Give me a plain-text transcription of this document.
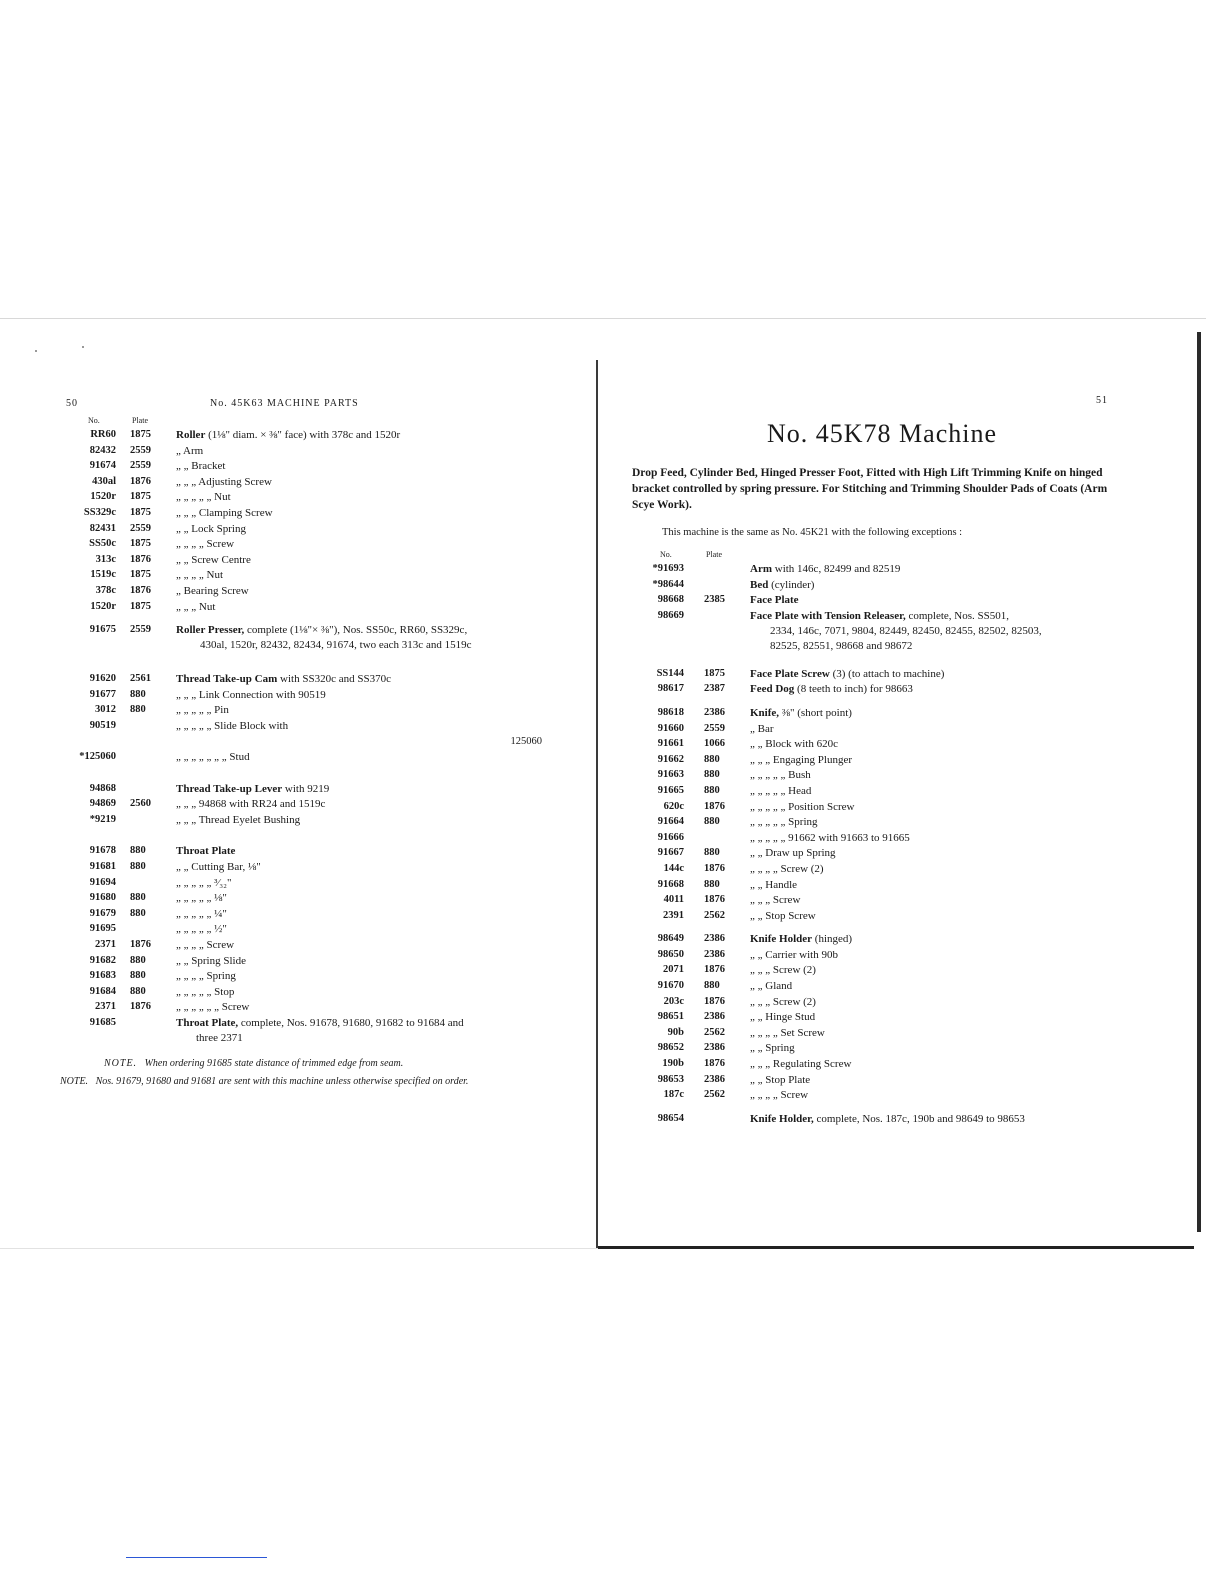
50	No. 45K63 MACHINE PARTS
No.	Plate
RR60 1875 Roller (1⅛" diam. × ⅜" face) with 378c and 1520r
82432 2559 „ Arm
91674 2559 „ „ Bracket
430al 1876 „ „ „ Adjusting Screw
1520r 1875 „ „ „ „ „ Nut
SS329c 1875 „ „ „ Clamping Screw
82431 2559 „ „ Lock Spring
SS50c 1875 „ „ „ „ Screw
313c 1876 „ „ Screw Centre
1519c 1875 „ „ „ „ Nut
378c 1876 „ Bearing Screw
1520r 1875 „ „ „ Nut
91675 2559 Roller Presser, complete (1⅛"× ⅜"), Nos. SS50c, RR60, SS329c,
430al, 1520r, 82432, 82434, 91674, two each 313c and 1519c
91620 2561 Thread Take-up Cam with SS320c and SS370c
91677 880	„ „ „ Link Connection with 90519
3012 880	„ „ „ „ „ Pin
90519	„ „ „ „ „ Slide Block with
125060
*125060	„ „ „ „ „ „ „ Stud
94868	Thread Take-up Lever with 9219
94869 2560 „ „ „ 94868 with RR24 and 1519c
*9219	„ „ „ Thread Eyelet Bushing
91678 880	Throat Plate
91681 880	„ „ Cutting Bar, ⅛"
91694	„ „ „ „ „ ³⁄₃₂"
91680 880	„ „ „ „ „ ⅛"
91679 880	„ „ „ „ „ ¼"
91695	„ „ „ „ „ ½"
2371 1876 „ „ „ „ Screw
91682 880	„ „ Spring Slide
91683 880	„ „ „ „ Spring
91684 880	„ „ „ „ „ Stop
2371 1876 „ „ „ „ „ „ Screw
91685	Throat Plate, complete, Nos. 91678, 91680, 91682 to 91684 and
three 2371
NOTE. When ordering 91685 state distance of trimmed edge from seam.
NOTE. Nos. 91679, 91680 and 91681 are sent with this machine unless otherwise specified on order.
51
No. 45K78 Machine
Drop Feed, Cylinder Bed, Hinged Presser Foot, Fitted with High Lift Trimming Knife on hinged bracket controlled by spring pressure. For Stitching and Trimming Shoulder Pads of Coats (Arm Scye Work).
This machine is the same as No. 45K21 with the following exceptions :
No.	Plate
*91693	Arm with 146c, 82499 and 82519
*98644	Bed (cylinder)
98668 2385 Face Plate
98669	Face Plate with Tension Releaser, complete, Nos. SS501,
2334, 146c, 7071, 9804, 82449, 82450, 82455, 82502, 82503,
82525, 82551, 98668 and 98672
SS144 1875 Face Plate Screw (3) (to attach to machine)
98617 2387 Feed Dog (8 teeth to inch) for 98663
98618 2386 Knife, ⅜" (short point)
91660 2559 „ Bar
91661 1066 „ „ Block with 620c
91662 880	„ „ „ Engaging Plunger
91663 880	„ „ „ „ „ Bush
91665 880	„ „ „ „ „ Head
620c 1876 „ „ „ „ „ Position Screw
91664 880	„ „ „ „ „ Spring
91666	„ „ „ „ „ 91662 with 91663 to 91665
91667 880	„ „ Draw up Spring
144c 1876 „ „ „ „ Screw (2)
91668 880	„ „ Handle
4011 1876 „ „ „ Screw
2391 2562 „ „ Stop Screw
98649 2386 Knife Holder (hinged)
98650 2386 „ „ Carrier with 90b
2071 1876 „ „ „ Screw (2)
91670 880	„ „ Gland
203c 1876 „ „ „ Screw (2)
98651 2386 „ „ Hinge Stud
90b 2562 „ „ „ „ Set Screw
98652 2386 „ „ Spring
190b 1876 „ „ „ Regulating Screw
98653 2386 „ „ Stop Plate
187c 2562 „ „ „ „ Screw
98654	Knife Holder, complete, Nos. 187c, 190b and 98649 to 98653
